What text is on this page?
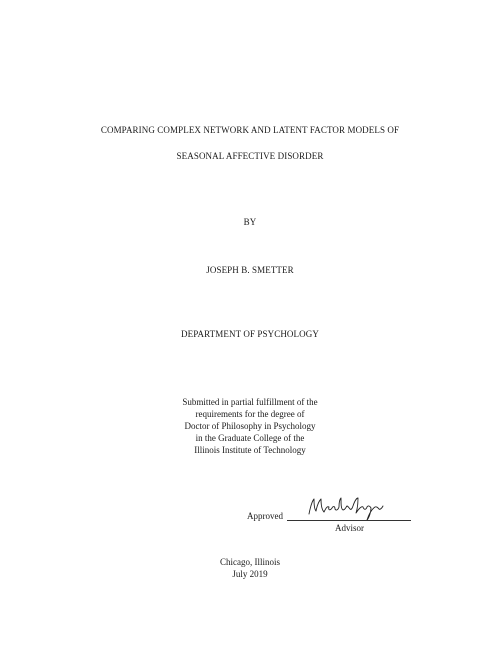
COMPARING COMPLEX NETWORK AND LATENT FACTOR MODELS OF
SEASONAL AFFECTIVE DISORDER
BY
JOSEPH B. SMETTER
DEPARTMENT OF PSYCHOLOGY
Submitted in partial fulfillment of the
requirements for the degree of
Doctor of Philosophy in Psychology
in the Graduate College of the
Illinois Institute of Technology
Approved
Advisor
Chicago, Illinois
July 2019
